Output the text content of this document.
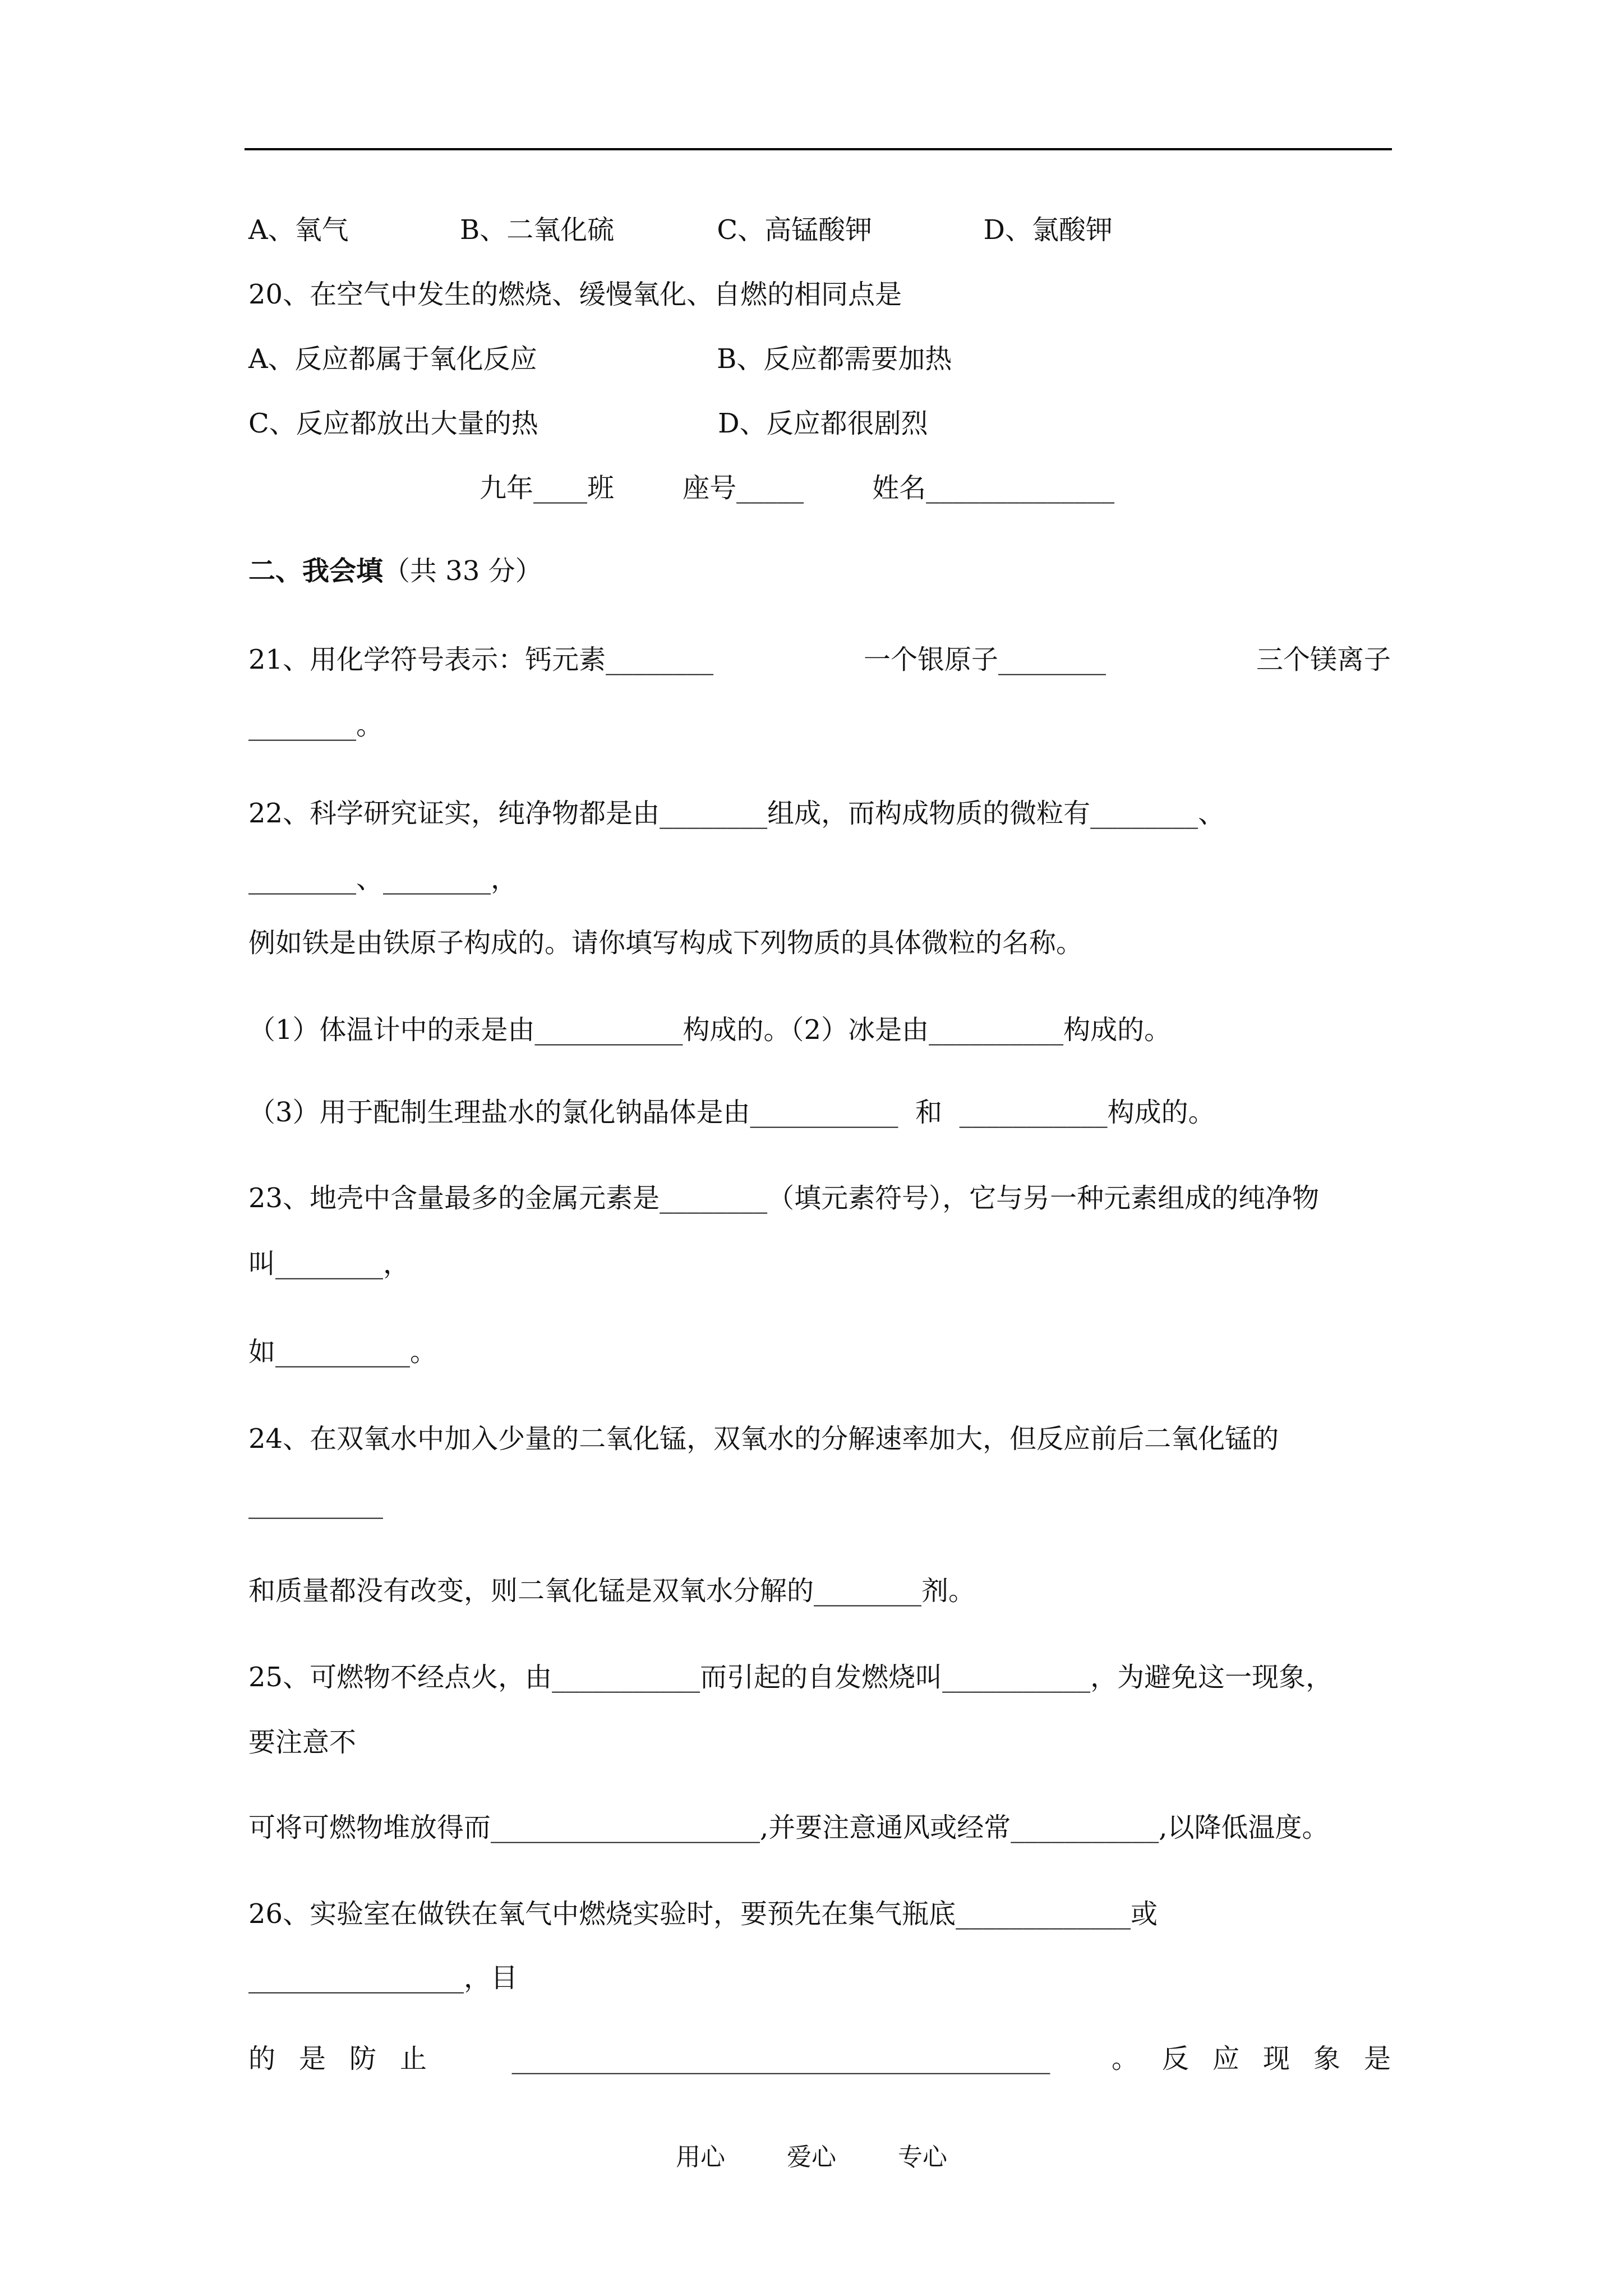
A、氧气             B、二氧化硫            C、高锰酸钾             D、氯酸钾
20、在空气中发生的燃烧、缓慢氧化、自燃的相同点是
A、反应都属于氧化反应                     B、反应都需要加热
C、反应都放出大量的热                     D、反应都很剧烈
九年____班        座号_____        姓名______________
二、我会填（共 33 分）
21、用化学符号表示：钙元素________	一个银原子________	三个镁离子
________。
22、科学研究证实，纯净物都是由________组成，而构成物质的微粒有________、
________、________，
例如铁是由铁原子构成的。请你填写构成下列物质的具体微粒的名称。
（1）体温计中的汞是由___________构成的。（2）冰是由__________构成的。
（3）用于配制生理盐水的氯化钠晶体是由___________  和  ___________构成的。
23、地壳中含量最多的金属元素是________（填元素符号），它与另一种元素组成的纯净物
叫________，
如__________。
24、在双氧水中加入少量的二氧化锰，双氧水的分解速率加大，但反应前后二氧化锰的
__________
和质量都没有改变，则二氧化锰是双氧水分解的________剂。
25、可燃物不经点火，由___________而引起的自发燃烧叫___________，为避免这一现象，
要注意不
可将可燃物堆放得而____________________,并要注意通风或经常___________,以降低温度。
26、实验室在做铁在氧气中燃烧实验时，要预先在集气瓶底_____________或
________________，目
的是防止 ________________________________________ 。反应现象是
用心	爱心	专心
